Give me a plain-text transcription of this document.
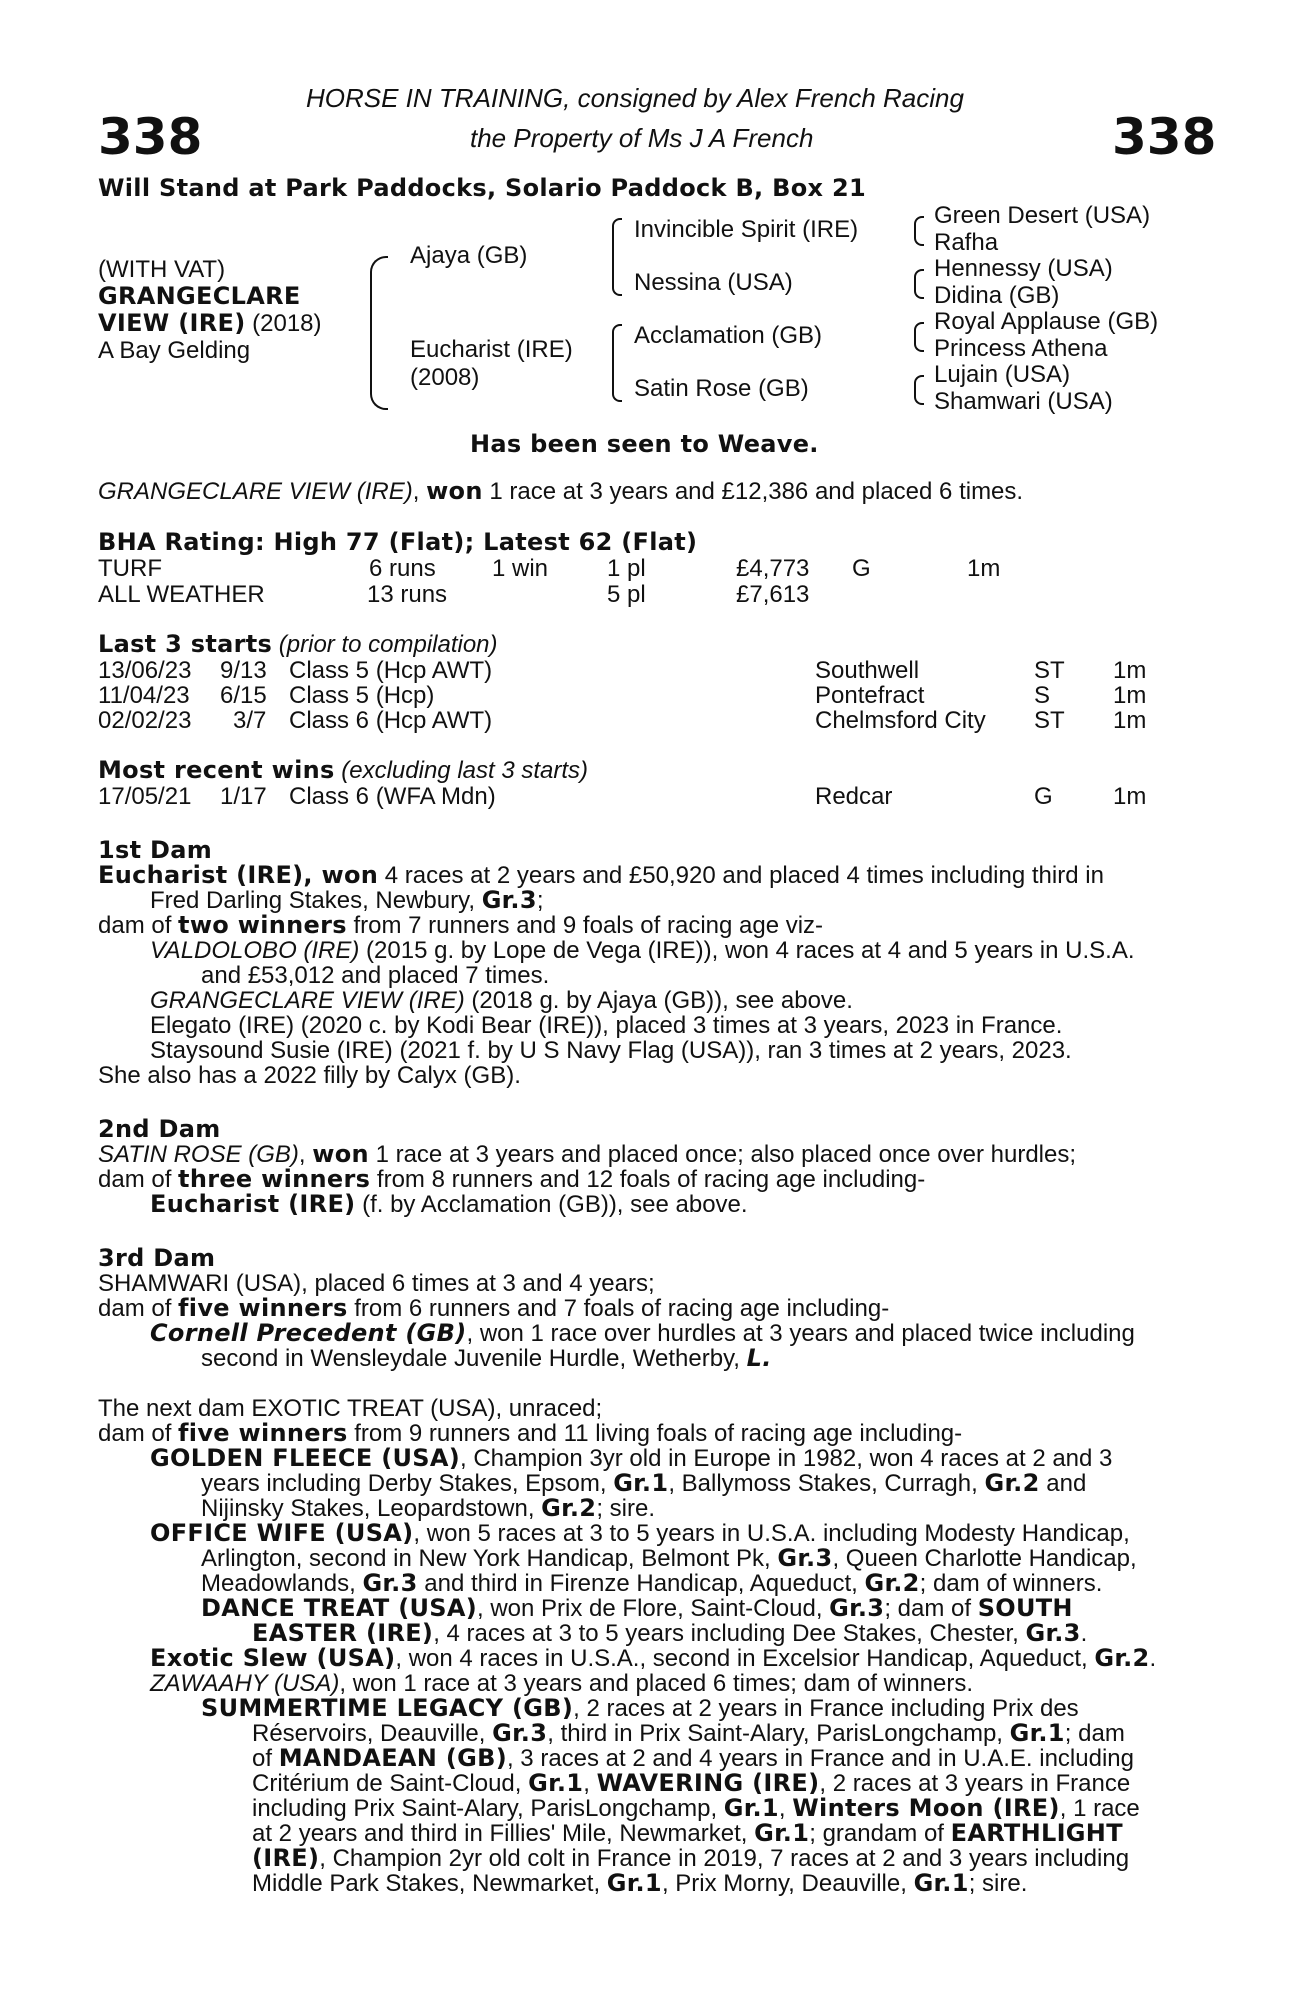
338	338
HORSE IN TRAINING, consigned by Alex French Racing
the Property of Ms J A French
Will Stand at Park Paddocks, Solario Paddock B, Box 21
(WITH VAT)
GRANGECLARE
VIEW (IRE) (2018)
A Bay Gelding
Ajaya (GB)
Eucharist (IRE)
(2008)
Invincible Spirit (IRE)
Nessina (USA)
Acclamation (GB)
Satin Rose (GB)
Green Desert (USA)
Rafha
Hennessy (USA)
Didina (GB)
Royal Applause (GB)
Princess Athena
Lujain (USA)
Shamwari (USA)
Has been seen to Weave.
GRANGECLARE VIEW (IRE), won 1 race at 3 years and £12,386 and placed 6 times.
BHA Rating: High 77 (Flat); Latest 62 (Flat)
TURF	6 runs 1 win 1 pl	£4,773 G	1m
ALL WEATHER	13 runs	5 pl	£7,613
Last 3 starts (prior to compilation)
13/06/23 9/13 Class 5 (Hcp AWT)	Southwell	ST 1m
11/04/23 6/15 Class 5 (Hcp)	Pontefract	S	1m
02/02/23 3/7 Class 6 (Hcp AWT)	Chelmsford City ST 1m
Most recent wins (excluding last 3 starts)
17/05/21 1/17 Class 6 (WFA Mdn)	Redcar	G	1m
1st Dam
Eucharist (IRE), won 4 races at 2 years and £50,920 and placed 4 times including third in
Fred Darling Stakes, Newbury, Gr.3;
dam of two winners from 7 runners and 9 foals of racing age viz-
VALDOLOBO (IRE) (2015 g. by Lope de Vega (IRE)), won 4 races at 4 and 5 years in U.S.A.
and £53,012 and placed 7 times.
GRANGECLARE VIEW (IRE) (2018 g. by Ajaya (GB)), see above.
Elegato (IRE) (2020 c. by Kodi Bear (IRE)), placed 3 times at 3 years, 2023 in France.
Staysound Susie (IRE) (2021 f. by U S Navy Flag (USA)), ran 3 times at 2 years, 2023.
She also has a 2022 filly by Calyx (GB).
2nd Dam
SATIN ROSE (GB), won 1 race at 3 years and placed once; also placed once over hurdles;
dam of three winners from 8 runners and 12 foals of racing age including-
Eucharist (IRE) (f. by Acclamation (GB)), see above.
3rd Dam
SHAMWARI (USA), placed 6 times at 3 and 4 years;
dam of five winners from 6 runners and 7 foals of racing age including-
Cornell Precedent (GB), won 1 race over hurdles at 3 years and placed twice including
second in Wensleydale Juvenile Hurdle, Wetherby, L.
The next dam EXOTIC TREAT (USA), unraced;
dam of five winners from 9 runners and 11 living foals of racing age including-
GOLDEN FLEECE (USA), Champion 3yr old in Europe in 1982, won 4 races at 2 and 3
years including Derby Stakes, Epsom, Gr.1, Ballymoss Stakes, Curragh, Gr.2 and
Nijinsky Stakes, Leopardstown, Gr.2; sire.
OFFICE WIFE (USA), won 5 races at 3 to 5 years in U.S.A. including Modesty Handicap,
Arlington, second in New York Handicap, Belmont Pk, Gr.3, Queen Charlotte Handicap,
Meadowlands, Gr.3 and third in Firenze Handicap, Aqueduct, Gr.2; dam of winners.
DANCE TREAT (USA), won Prix de Flore, Saint-Cloud, Gr.3; dam of SOUTH
EASTER (IRE), 4 races at 3 to 5 years including Dee Stakes, Chester, Gr.3.
Exotic Slew (USA), won 4 races in U.S.A., second in Excelsior Handicap, Aqueduct, Gr.2.
ZAWAAHY (USA), won 1 race at 3 years and placed 6 times; dam of winners.
SUMMERTIME LEGACY (GB), 2 races at 2 years in France including Prix des
Réservoirs, Deauville, Gr.3, third in Prix Saint-Alary, ParisLongchamp, Gr.1; dam
of MANDAEAN (GB), 3 races at 2 and 4 years in France and in U.A.E. including
Critérium de Saint-Cloud, Gr.1, WAVERING (IRE), 2 races at 3 years in France
including Prix Saint-Alary, ParisLongchamp, Gr.1, Winters Moon (IRE), 1 race
at 2 years and third in Fillies' Mile, Newmarket, Gr.1; grandam of EARTHLIGHT
(IRE), Champion 2yr old colt in France in 2019, 7 races at 2 and 3 years including
Middle Park Stakes, Newmarket, Gr.1, Prix Morny, Deauville, Gr.1; sire.
